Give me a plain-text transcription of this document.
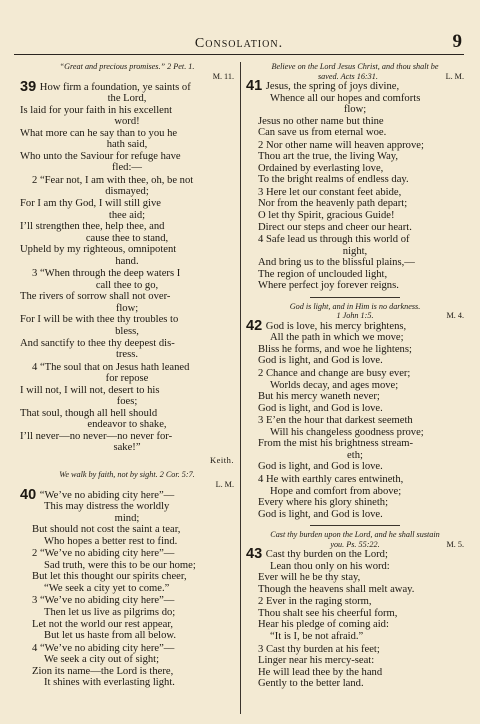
Consolation.	9
“Great and precious promises.” 2 Pet. 1.
M. 11.
39 How firm a foundation, ye saints of
the Lord,
Is laid for your faith in his excellent
word!
What more can he say than to you he
hath said,
Who unto the Saviour for refuge have
fled:—
2 “Fear not, I am with thee, oh, be not
dismayed;
For I am thy God, I will still give
thee aid;
I’ll strengthen thee, help thee, and
cause thee to stand,
Upheld by my righteous, omnipotent
hand.
3 “When through the deep waters I
call thee to go,
The rivers of sorrow shall not over-
flow;
For I will be with thee thy troubles to
bless,
And sanctify to thee thy deepest dis-
tress.
4 “The soul that on Jesus hath leaned
for repose
I will not, I will not, desert to his
foes;
That soul, though all hell should
endeavor to shake,
I’ll never—no never—no never for-
sake!”
Keith.
We walk by faith, not by sight. 2 Cor. 5:7.
L. M.
40 “We’ve no abiding city here”—
This may distress the worldly
mind;
But should not cost the saint a tear,
Who hopes a better rest to find.
2 “We’ve no abiding city here”—
Sad truth, were this to be our home;
But let this thought our spirits cheer,
“We seek a city yet to come.”
3 “We’ve no abiding city here”—
Then let us live as pilgrims do;
Let not the world our rest appear,
But let us haste from all below.
4 “We’ve no abiding city here”—
We seek a city out of sight;
Zion its name—the Lord is there,
It shines with everlasting light.
Believe on the Lord Jesus Christ, and thou shalt be
saved. Acts 16:31.	L. M.
41 Jesus, the spring of joys divine,
Whence all our hopes and comforts
flow;
Jesus no other name but thine
Can save us from eternal woe.
2 Nor other name will heaven approve;
Thou art the true, the living Way,
Ordained by everlasting love,
To the bright realms of endless day.
3 Here let our constant feet abide,
Nor from the heavenly path depart;
O let thy Spirit, gracious Guide!
Direct our steps and cheer our heart.
4 Safe lead us through this world of
night,
And bring us to the blissful plains,—
The region of unclouded light,
Where perfect joy forever reigns.
God is light, and in Him is no darkness.
1 John 1:5.	M. 4.
42 God is love, his mercy brightens,
All the path in which we move;
Bliss he forms, and woe he lightens;
God is light, and God is love.
2 Chance and change are busy ever;
Worlds decay, and ages move;
But his mercy waneth never;
God is light, and God is love.
3 E’en the hour that darkest seemeth
Will his changeless goodness prove;
From the mist his brightness stream-
eth;
God is light, and God is love.
4 He with earthly cares entwineth,
Hope and comfort from above;
Every where his glory shineth;
God is light, and God is love.
Cast thy burden upon the Lord, and he shall sustain
you. Ps. 55:22.	M. 5.
43 Cast thy burden on the Lord;
Lean thou only on his word:
Ever will he be thy stay,
Though the heavens shall melt away.
2 Ever in the raging storm,
Thou shalt see his cheerful form,
Hear his pledge of coming aid:
“It is I, be not afraid.”
3 Cast thy burden at his feet;
Linger near his mercy-seat:
He will lead thee by the hand
Gently to the better land.
